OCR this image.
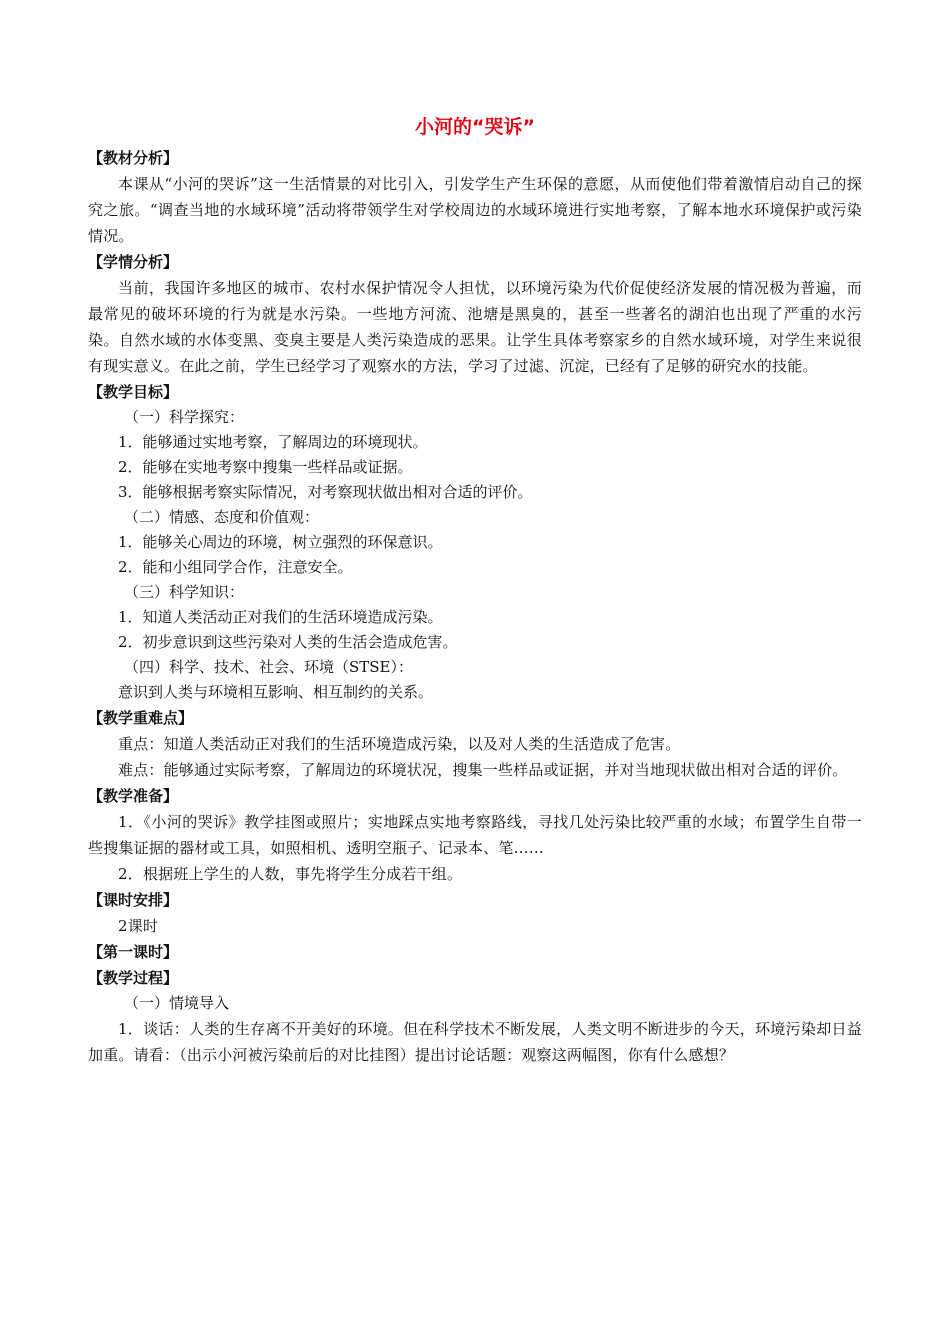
小河的“哭诉”

【教材分析】

本课从“小河的哭诉”这一生活情景的对比引入，引发学生产生环保的意愿，从而使他们带着激情启动自己的探究之旅。“调查当地的水域环境”活动将带领学生对学校周边的水域环境进行实地考察，了解本地水环境保护或污染情况。

【学情分析】

当前，我国许多地区的城市、农村水保护情况令人担忧，以环境污染为代价促使经济发展的情况极为普遍，而最常见的破坏环境的行为就是水污染。一些地方河流、池塘是黑臭的，甚至一些著名的湖泊也出现了严重的水污染。自然水域的水体变黑、变臭主要是人类污染造成的恶果。让学生具体考察家乡的自然水域环境，对学生来说很有现实意义。在此之前，学生已经学习了观察水的方法，学习了过滤、沉淀，已经有了足够的研究水的技能。

【教学目标】

（一）科学探究：

1．能够通过实地考察，了解周边的环境现状。

2．能够在实地考察中搜集一些样品或证据。

3．能够根据考察实际情况，对考察现状做出相对合适的评价。

（二）情感、态度和价值观：

1．能够关心周边的环境，树立强烈的环保意识。

2．能和小组同学合作，注意安全。

（三）科学知识：

1．知道人类活动正对我们的生活环境造成污染。

2．初步意识到这些污染对人类的生活会造成危害。

（四）科学、技术、社会、环境（STSE）：

意识到人类与环境相互影响、相互制约的关系。

【教学重难点】

重点：知道人类活动正对我们的生活环境造成污染，以及对人类的生活造成了危害。

难点：能够通过实际考察，了解周边的环境状况，搜集一些样品或证据，并对当地现状做出相对合适的评价。

【教学准备】

1．《小河的哭诉》教学挂图或照片；实地踩点实地考察路线，寻找几处污染比较严重的水域；布置学生自带一些搜集证据的器材或工具，如照相机、透明空瓶子、记录本、笔……

2．根据班上学生的人数，事先将学生分成若干组。

【课时安排】

2课时

【第一课时】

【教学过程】

（一）情境导入

1．谈话：人类的生存离不开美好的环境。但在科学技术不断发展，人类文明不断进步的今天，环境污染却日益加重。请看：（出示小河被污染前后的对比挂图）提出讨论话题：观察这两幅图，你有什么感想？
